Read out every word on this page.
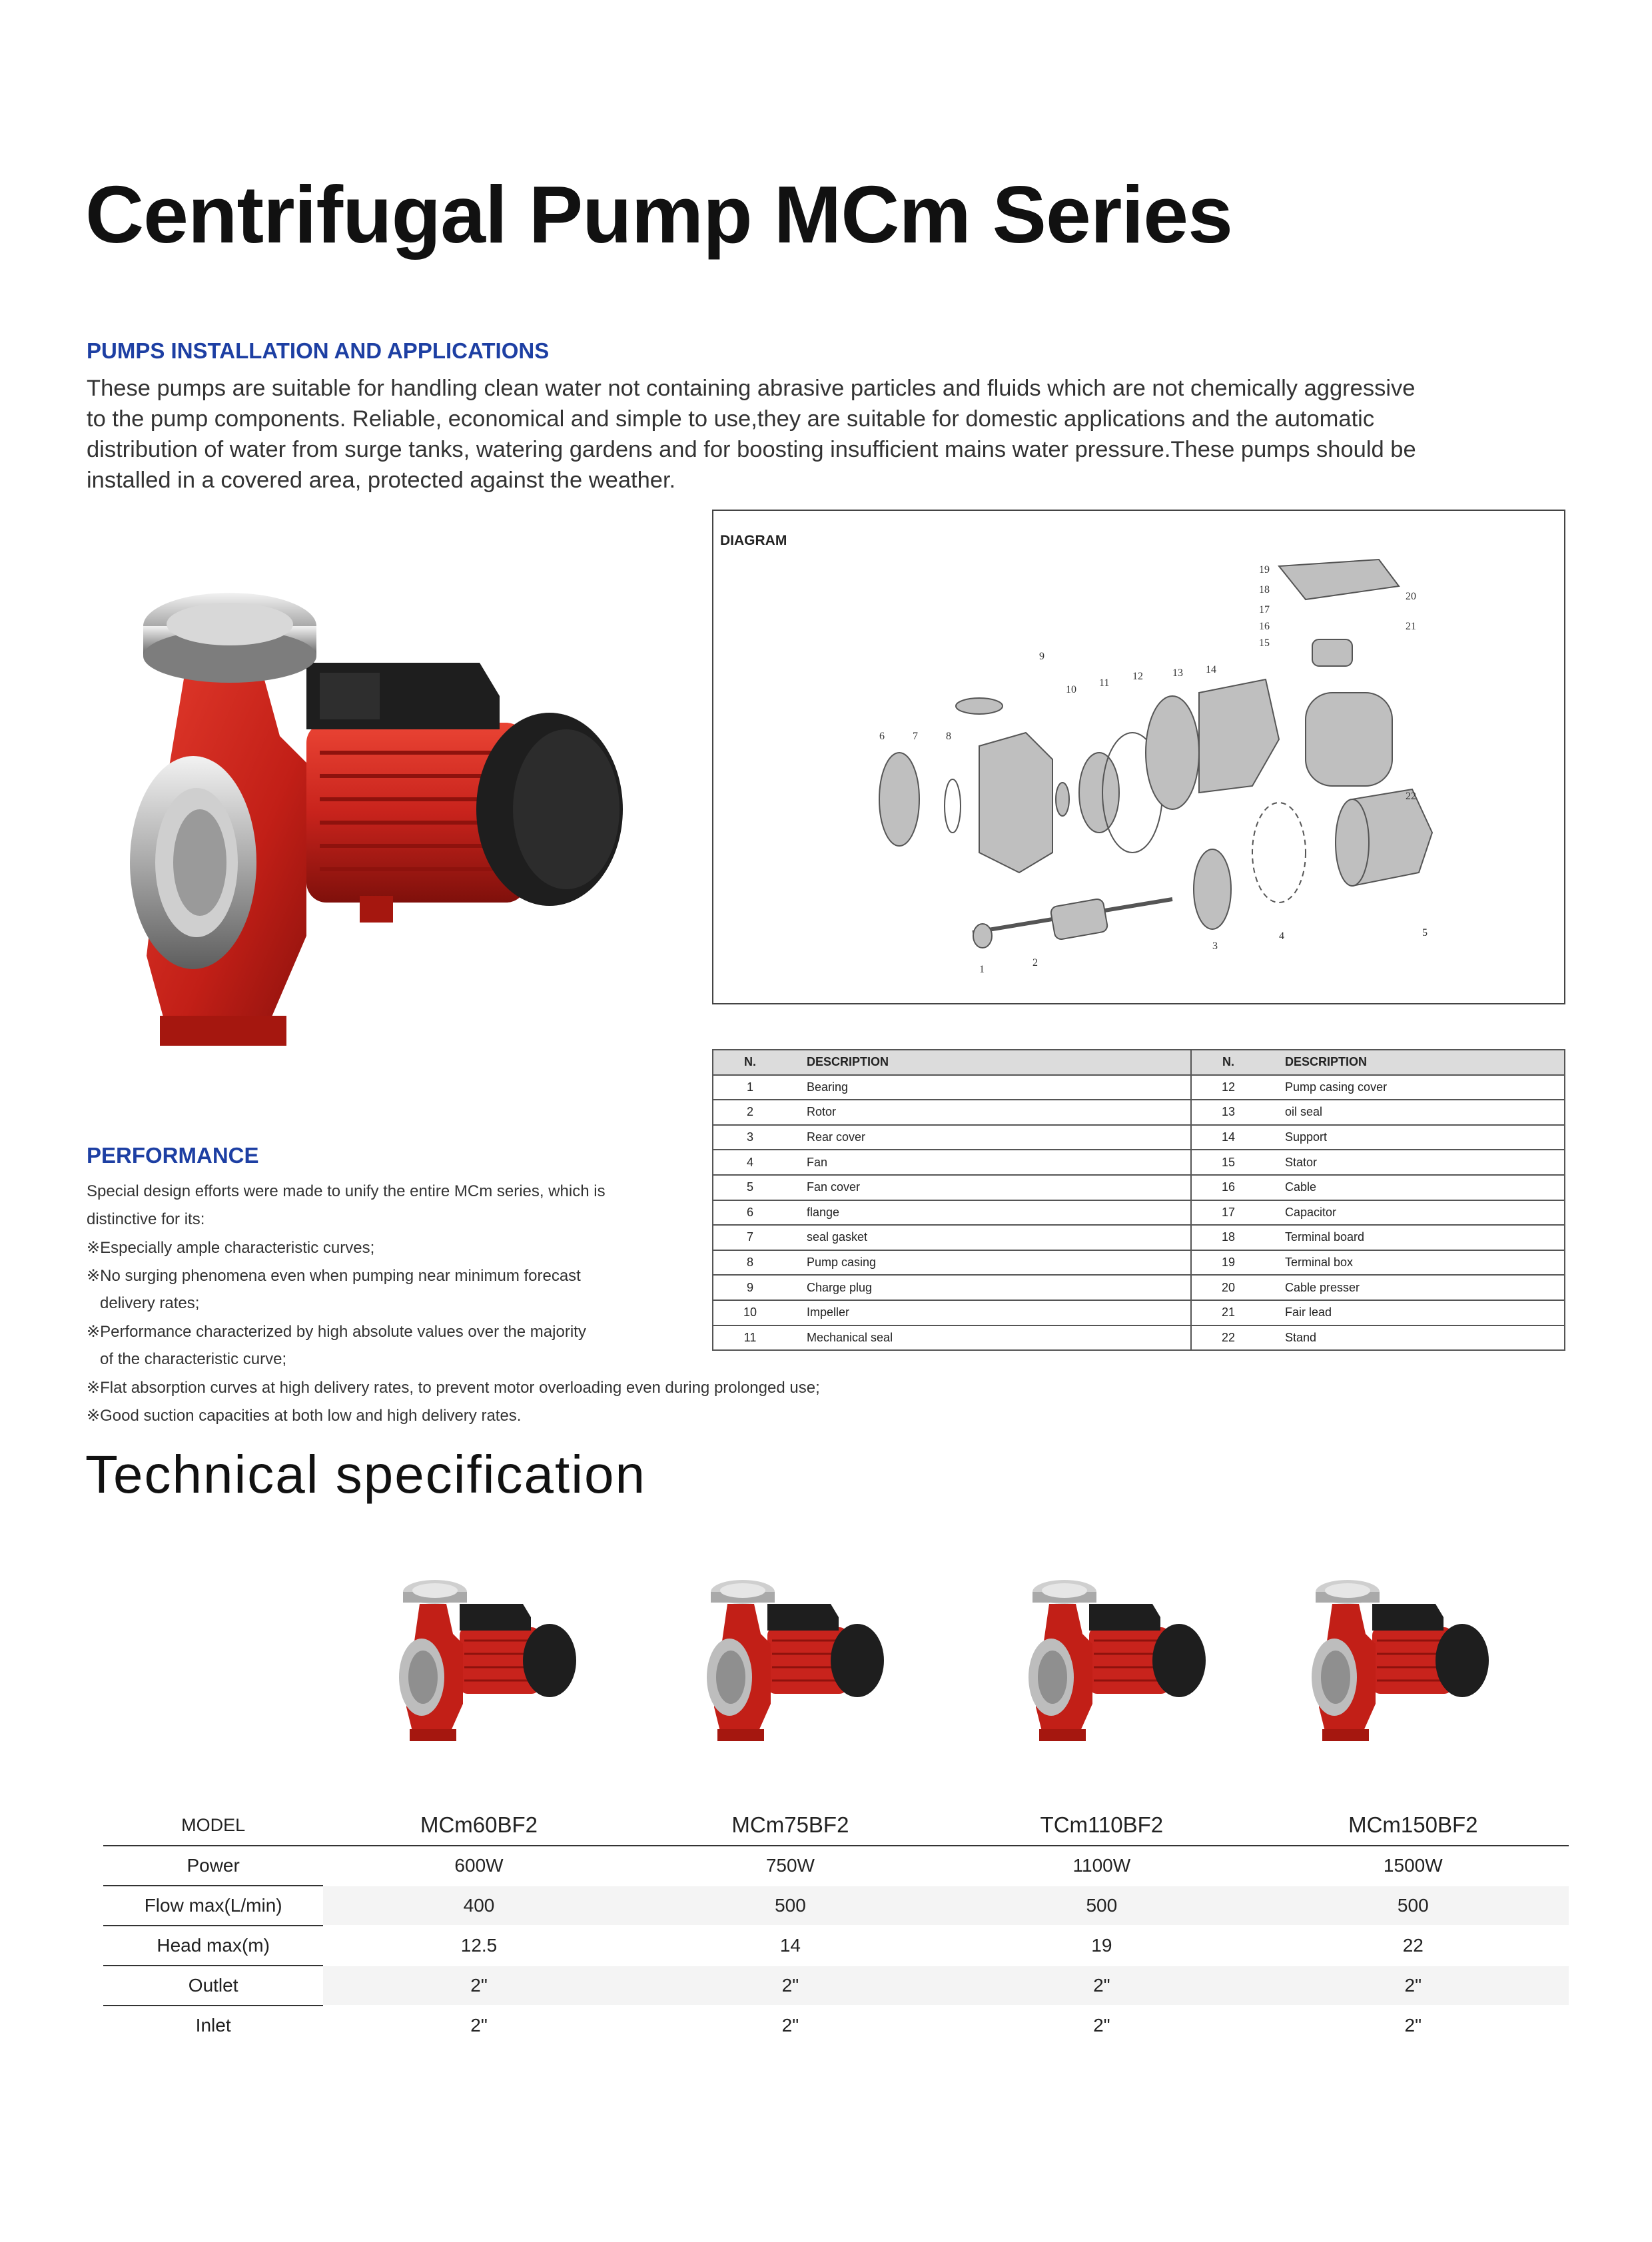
Centrifugal Pump MCm Series
PUMPS INSTALLATION AND APPLICATIONS
These pumps are suitable for handling clean water not containing abrasive particles and fluids which are not chemically aggressive
to the pump components. Reliable, economical and simple to use,they are suitable for domestic applications and the automatic
distribution of water from surge tanks, watering gardens and for boosting insufficient mains water pressure.These pumps should be
installed in a covered area, protected against the weather.
DIAGRAM
1
2
3
4	5
6	7	8
9
10
11
12	13 14
15
16
17
18
19
20
21
22
N.	DESCRIPTION	N.	DESCRIPTION
1	Bearing	12	Pump casing cover
2	Rotor	13	oil seal
3	Rear cover	14	Support
4	Fan	15	Stator
5	Fan cover	16	Cable
6	flange	17	Capacitor
7	seal gasket	18	Terminal board
8	Pump casing	19	Terminal box
9	Charge plug	20	Cable presser
10	Impeller	21	Fair lead
11	Mechanical seal	22	Stand
PERFORMANCE
Special design efforts were made to unify the entire MCm series, which is
distinctive for its:
※Especially ample characteristic curves;
※No surging phenomena even when pumping near minimum forecast
delivery rates;
※Performance characterized by high absolute values over the majority
of the characteristic curve;
※Flat absorption curves at high delivery rates, to prevent motor overloading even during prolonged use;
※Good suction capacities at both low and high delivery rates.
Technical specification
MODEL	MCm60BF2	MCm75BF2	TCm110BF2	MCm150BF2

Power	600W	750W	1100W	1500W

Flow max(L/min)	400	500	500	500

Head max(m)	12.5	14	19	22

Outlet	2"	2"	2"	2"

Inlet	2"	2"	2"	2"
